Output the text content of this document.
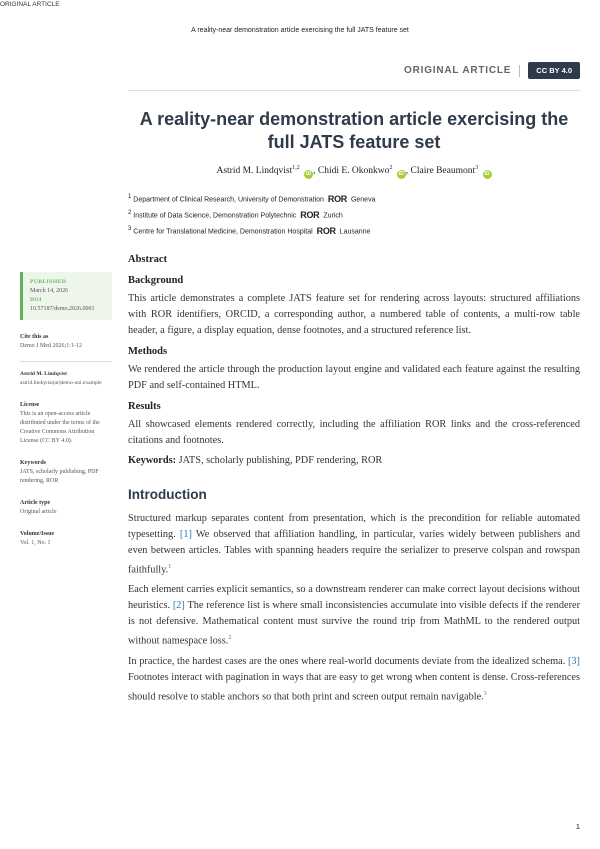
ORIGINAL ARTICLE
A reality-near demonstration article exercising the full JATS feature set
ORIGINAL ARTICLE	CC BY 4.0
A reality-near demonstration article exercising the
full JATS feature set
Astrid M. Lindqvist$^{1,2}$ iD , Chidi E. Okonkwo$^2$ iD , Claire Beaumont$^3$ iD
$^1$ Department of Clinical Research, University of Demonstration ROR Geneva
$^2$ Institute of Data Science, Demonstration Polytechnic ROR Zurich
$^3$ Centre for Translational Medicine, Demonstration Hospital ROR Lausanne
PUBLISHED
March 14, 2026
DOI
10.57187/demo.2026.0001
Cite this as
Demo J Med 2026;1:1-12
Astrid M. Lindqvist
astrid.lindqvist(at)demo-uni.example
License
This is an open-access article distributed under the terms of the Creative Commons Attribution License (CC BY 4.0).
Keywords
JATS, scholarly publishing, PDF rendering, ROR
Article type
Original article
Volume/Issue
Vol. 1, No. 1
Abstract
Background

This article demonstrates a complete JATS feature set for rendering across layouts: structured affiliations with ROR identifiers, ORCID, a corresponding author, a numbered table of contents, a multi-row table header, a figure, a display equation, dense footnotes, and a structured reference list.

Methods

We rendered the article through the production layout engine and validated each feature against the resulting PDF and self-contained HTML.

Results

All showcased elements rendered correctly, including the affiliation ROR links and the cross-referenced citations and footnotes.

Keywords: JATS, scholarly publishing, PDF rendering, ROR

Introduction

Structured markup separates content from presentation, which is the precondition for reliable automated typesetting. [1] We observed that affiliation handling, in particular, varies widely between publishers and even between articles. Tables with spanning headers require the serializer to preserve colspan and rowspan faithfully.$^1$

Each element carries explicit semantics, so a downstream renderer can make correct layout decisions without heuristics. [2] The reference list is where small inconsistencies accumulate into visible defects if the renderer is not defensive. Mathematical content must survive the round trip from MathML to the rendered output without namespace loss.$^2$

In practice, the hardest cases are the ones where real-world documents deviate from the idealized schema. [3] Footnotes interact with pagination in ways that are easy to get wrong when content is dense. Cross-references should resolve to stable anchors so that both print and screen output remain navigable.$^3$

1
